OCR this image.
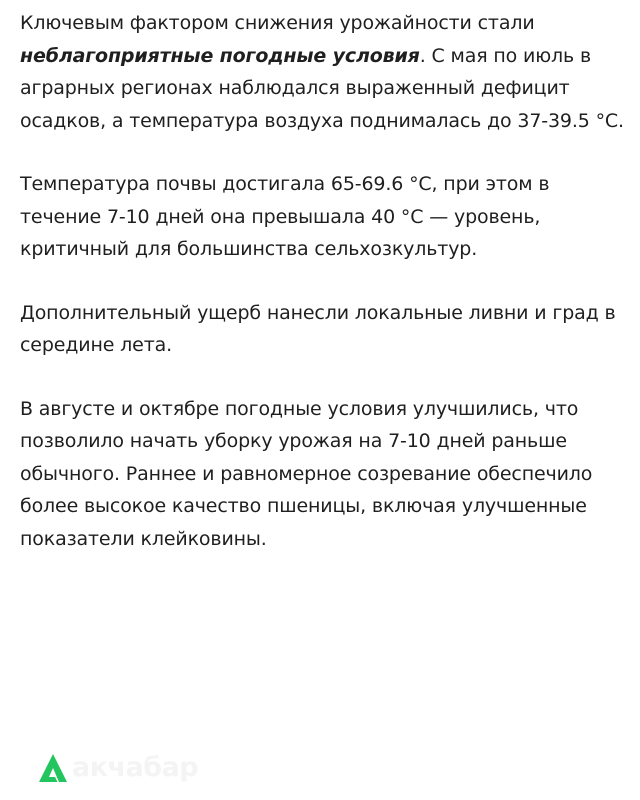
Ключевым фактором снижения урожайности стали неблагоприятные погодные условия. С мая по июль в аграрных регионах наблюдался выраженный дефицит осадков, а температура воздуха поднималась до 37-39.5 °С.

Температура почвы достигала 65-69.6 °С, при этом в течение 7-10 дней она превышала 40 °С — уровень, критичный для большинства сельхозкультур.

Дополнительный ущерб нанесли локальные ливни и град в середине лета.

В августе и октябре погодные условия улучшились, что позволило начать уборку урожая на 7-10 дней раньше обычного. Раннее и равномерное созревание обеспечило более высокое качество пшеницы, включая улучшенные показатели клейковины.

акчабар
